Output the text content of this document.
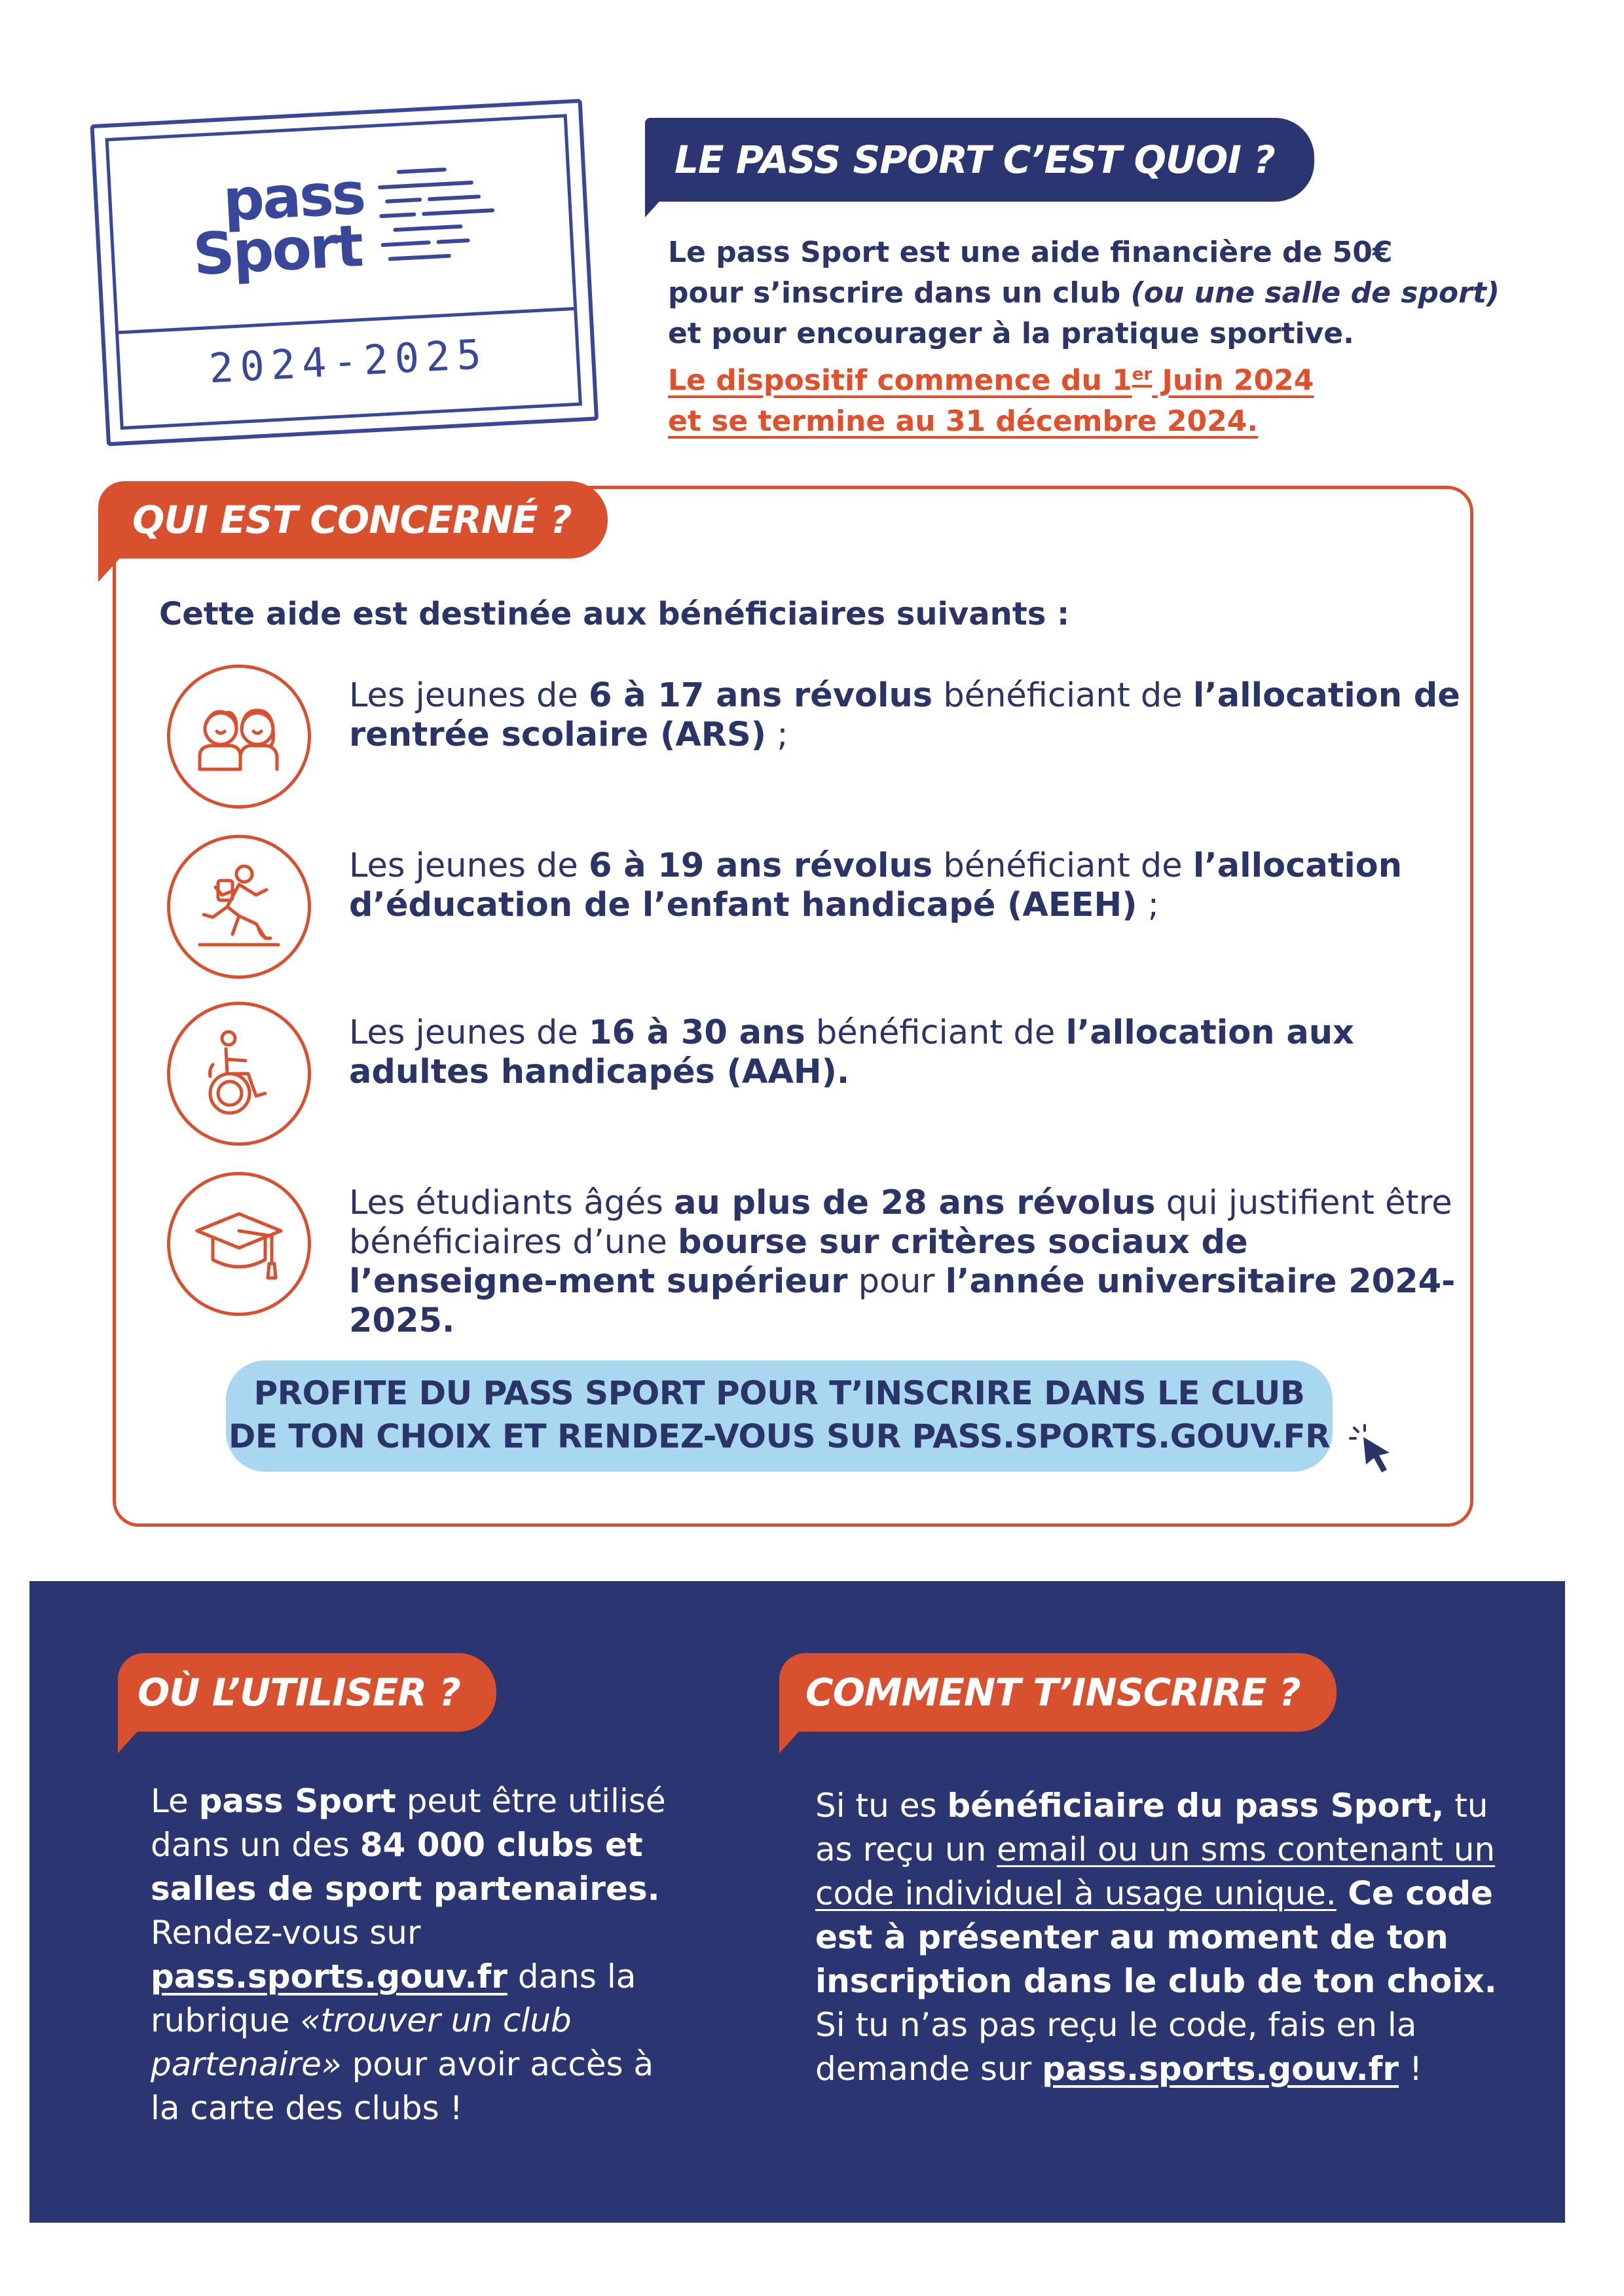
pass
Sport
2024-2025
LE PASS SPORT C’EST QUOI ?

Le pass Sport est une aide financière de 50€

pour s’inscrire dans un club (ou une salle de sport)

et pour encourager à la pratique sportive.

Le dispositif commence du 1er Juin 2024

et se termine au 31 décembre 2024.

QUI EST CONCERNÉ ?
Cette aide est destinée aux bénéficiaires suivants :
Les jeunes de 6 à 17 ans révolus bénéficiant de l’allocation de rentrée scolaire (ARS) ;
Les jeunes de 6 à 19 ans révolus bénéficiant de l’allocation d’éducation de l’enfant handicapé (AEEH) ;
Les jeunes de 16 à 30 ans bénéficiant de l’allocation aux adultes handicapés (AAH).
Les étudiants âgés au plus de 28 ans révolus qui justifient être bénéficiaires d’une bourse sur critères sociaux de l’enseigne-ment supérieur pour l’année universitaire 2024-2025.
PROFITE DU PASS SPORT POUR T’INSCRIRE DANS LE CLUB
DE TON CHOIX ET RENDEZ-VOUS SUR PASS.SPORTS.GOUV.FR
OÙ L’UTILISER ?
Le pass Sport peut être utilisé dans un des 84 000 clubs et salles de sport partenaires. Rendez-vous sur pass.sports.gouv.fr dans la rubrique «trouver un club partenaire» pour avoir accès à la carte des clubs !
COMMENT T’INSCRIRE ?
Si tu es bénéficiaire du pass Sport, tu as reçu un email ou un sms contenant un code individuel à usage unique. Ce code est à présenter au moment de ton inscription dans le club de ton choix. Si tu n’as pas reçu le code, fais en la demande sur pass.sports.gouv.fr !
